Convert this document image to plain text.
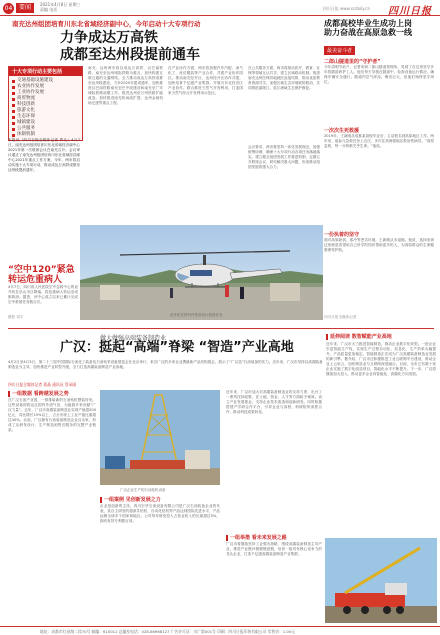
04	要闻	2021年4月8日 星期三
责编 电话	四川日报 www.scdaily.cn 四川日报
南充达州组团培育川东北省域经济副中心，今年启动十大专项行动
力争成达万高铁
成都至达州段提前通车
十大专项行动主要包括
交通基础设施建设
农业协作发展
工业协作发展
商贸物流
科技创新
旅游文化
生态环保
城镇建设
公共服务
体制机制
本报讯（四川日报全媒体记者 罗凡）4月7日，南充达州组团培育川东北省域经济副中心2021年第一次联席会议在南充召开。会议审议通过了南充达州组团培育川东北省域经济副中心2021年重点工作方案，今年，两市将启动实施十大专项行动，推动成达万高铁成都至达州段提前通车。
南充、达州两市将以成达万高铁、汉巴南铁路、南充至达州城际铁路为重点，加快构建互联互通的交通网络。全力推动成达万高铁成都至达州段建设，力争2025年建成通车，加快推进汉巴南铁路南充至巴中段建设和南充至广安城际铁路前期工作。推进达州至万州铁路扩能改造。加快推进南充机场改扩建、达州金垭机场迁建等重点工程。
在产业协作方面，两市将加强汽车汽配、油气化工、丝纺服装等产业合作，共建产业协作园区。推动南充经开区、达州经开区协作共建，加快培育千亿级产业集群。开展川东北经济区产业协作。联合推进天然气开发利用，打造国家天然气综合开发利用示范区。
在公共服务方面，两市将推动医疗、教育、社保等领域互认共享，建立区域联动机制。推进南充达州医保异地就医直接结算，推动优质教育资源共享。加强区域生态环境联防联治，共同推进嘉陵江、渠江流域生态保护修复。
会议要求，两市要坚持一体化发展理念，加强统筹协调，确保十大专项行动各项任务落地落实。建立健全组团发展工作推进机制，定期召开联席会议，研究解决重大问题，形成推动组团发展的强大合力。
“空中120”紧急转运危重病人
4月7日，四川省人民医院空中急救中心的直升机在乐山市区降落，将危重病人转运至成都救治。据悉，该中心成立以来已累计完成空中救援任务数百次。
摄影 刘宇	直升机在停机坪准备执行救援任务
成都高校毕业生成功上岗
助力奋战在高原急救一线
最美奋斗者
二郎山隧道里的“守护者”
今年清明节前夕，记者来到二郎山隧道管理所，见到了在这里坚守多年的隧道养护工人。他们每天穿梭在隧道中，检查设备运行情况，确保车辆安全通行。隧道内空气浑浊，噪音巨大，但他们始终坚守岗位。
一次次生死救援
2019年，王新刚从成都某高校毕业后，主动报名到高原地区工作。两年来，他参与急救任务上百次，多次在高海拔地区救治伤病员。“高原急救，每一分钟都关乎生命。”他说。
一份执着的坚守
面对高原缺氧、寒冷等恶劣环境，王新刚从未退缩。他说，选择来到这里就是希望用自己所学的知识帮助更多的人，为高原群众的生命健康保驾护航。
四川日报全媒体记者
做大做强高端装备制造业
广汉：挺起“高端”脊梁 “智造”产业高地
4月2日至4月3日，第二十三届中国国际石油化工装备及石油钻采设备展览会在北京举行，来自广汉的多家企业携最新产品亮相展会，展示了“广汉造”石油装备的实力。近年来，广汉市坚持以高端装备制造业为主导，加快推进产业转型升级，全力打造高端装备制造产业高地。
四川日报全媒体记者 葛晶 通讯员 蔡承刚
一组数据 看跨越发展之势
在广汉石油产业园，一排排崭新的石油钻机整装待发。这些设备即将运往国内外油气田，为能源开采贡献“广汉力量”。去年，广汉市高端装备制造业实现产值超200亿元，同比增长15%以上，占全市规上工业产值比重超过40%。目前，广汉拥有石油装备制造企业百余家，形成了从研发设计、生产制造到售后服务的完整产业链条。
广汉企业生产的石油钻机设备
一组案例 见创新发展之力
企业是创新的主体。四川宏华石油设备有限公司是广汉石油装备企业的代表，其自主研发的超深井钻机、自动化钻机等产品达到国际先进水平，产品远销全球多个国家和地区。公司每年研发投入占营业收入的比重超过5%，拥有有效专利数百项。
近年来，广汉市加大对高端装备制造业的支持力度，出台了一系列扶持政策，在土地、资金、人才等方面给予倾斜。设立产业发展基金，支持企业技术改造和创新研发。同时积极搭建产学研合作平台，引导企业与高校、科研院所深度合作，推动科技成果转化。
一组举措 看未来发展之路
广汉市将继续坚持工业强市战略，围绕高端装备制造主导产业，推进产业链补链强链延链，培育一批具有核心竞争力的龙头企业，打造千亿级高端装备制造产业集群。
延伸阅读 数智赋能产业高地
近年来，广汉市大力推进智能制造，推动企业数字化转型。一批企业引进智能生产线，实现生产过程自动化、信息化，生产效率大幅提升，产品质量更加稳定。智能制造正在成为广汉高端装备制造业发展的新引擎。据介绍，广汉市还积极推进工业互联网平台建设，推动企业上云用云，加快制造业与互联网深度融合。目前，全市已有数十家企业实施了数字化改造项目，智能化水平不断提升。下一步，广汉将继续加大投入，推动更多企业向智能化、高端化方向发展。
地址：成都市红星路二段70号 邮编：610012 总编室电话：028-86968127 广告许可证：川广第001号 印刷：四川日报印务有限公司 零售价：1.00元
